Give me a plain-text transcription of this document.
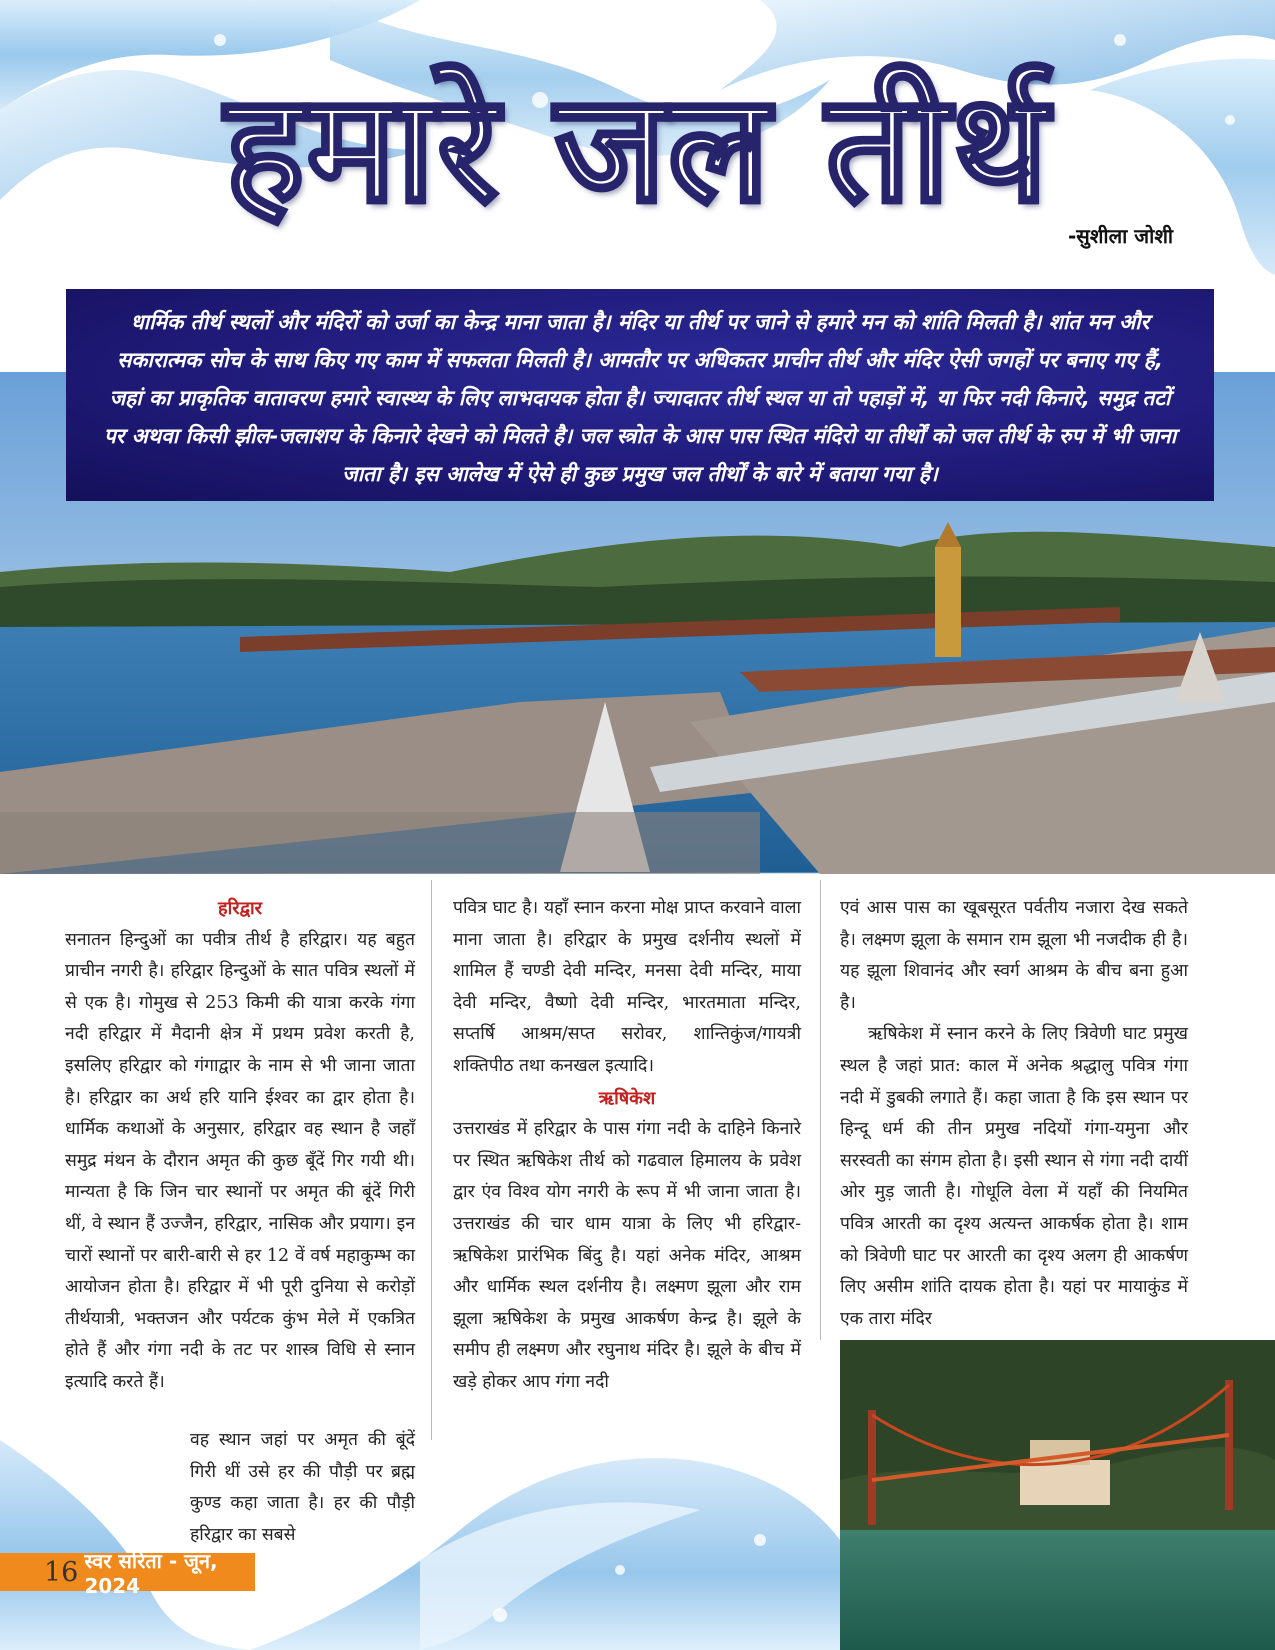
हमारे जल तीर्थ -सुशीला जोशी

धार्मिक तीर्थ स्थलों और मंदिरों को उर्जा का केन्द्र माना जाता है। मंदिर या तीर्थ पर जाने से हमारे मन को शांति मिलती है। शांत मन और सकारात्मक सोच के साथ किए गए काम में सफलता मिलती है। आमतौर पर अधिकतर प्राचीन तीर्थ और मंदिर ऐसी जगहों पर बनाए गए हैं, जहां का प्राकृतिक वातावरण हमारे स्वास्थ्य के लिए लाभदायक होता है। ज्यादातर तीर्थ स्थल या तो पहाड़ों में, या फिर नदी किनारे, समुद्र तटों पर अथवा किसी झील-जलाशय के किनारे देखने को मिलते है। जल स्त्रोत के आस पास स्थित मंदिरो या तीर्थों को जल तीर्थ के रुप में भी जाना जाता है। इस आलेख में ऐसे ही कुछ प्रमुख जल तीर्थों के बारे में बताया गया है।

हरिद्वार

सनातन हिन्दुओं का पवीत्र तीर्थ है हरिद्वार। यह बहुत प्राचीन नगरी है। हरिद्वार हिन्दुओं के सात पवित्र स्थलों में से एक है। गोमुख से 253 किमी की यात्रा करके गंगा नदी हरिद्वार में मैदानी क्षेत्र में प्रथम प्रवेश करती है, इसलिए हरिद्वार को गंगाद्वार के नाम से भी जाना जाता है। हरिद्वार का अर्थ हरि यानि ईश्वर का द्वार होता है। धार्मिक कथाओं के अनुसार, हरिद्वार वह स्थान है जहाँ समुद्र मंथन के दौरान अमृत की कुछ बूँदें गिर गयी थी। मान्यता है कि जिन चार स्थानों पर अमृत की बूंदें गिरी थीं, वे स्थान हैं उज्जैन, हरिद्वार, नासिक और प्रयाग। इन चारों स्थानों पर बारी-बारी से हर 12 वें वर्ष महाकुम्भ का आयोजन होता है। हरिद्वार में भी पूरी दुनिया से करोड़ों तीर्थयात्री, भक्तजन और पर्यटक कुंभ मेले में एकत्रित होते हैं और गंगा नदी के तट पर शास्त्र विधि से स्नान इत्यादि करते हैं।

वह स्थान जहां पर अमृत की बूंदें गिरी थीं उसे हर की पौड़ी पर ब्रह्म कुण्ड कहा जाता है। हर की पौड़ी हरिद्वार का सबसे

पवित्र घाट है। यहाँ स्नान करना मोक्ष प्राप्त करवाने वाला माना जाता है। हरिद्वार के प्रमुख दर्शनीय स्थलों में शामिल हैं चण्डी देवी मन्दिर, मनसा देवी मन्दिर, माया देवी मन्दिर, वैष्णो देवी मन्दिर, भारतमाता मन्दिर, सप्तर्षि आश्रम/सप्त सरोवर, शान्तिकुंज/गायत्री शक्तिपीठ तथा कनखल इत्यादि।

ऋषिकेश

उत्तराखंड में हरिद्वार के पास गंगा नदी के दाहिने किनारे पर स्थित ऋषिकेश तीर्थ को गढवाल हिमालय के प्रवेश द्वार एंव विश्व योग नगरी के रूप में भी जाना जाता है। उत्तराखंड की चार धाम यात्रा के लिए भी हरिद्वार-ऋषिकेश प्रारंभिक बिंदु है। यहां अनेक मंदिर, आश्रम और धार्मिक स्थल दर्शनीय है। लक्ष्मण झूला और राम झूला ऋषिकेश के प्रमुख आकर्षण केन्द्र है। झूले के समीप ही लक्ष्मण और रघुनाथ मंदिर है। झूले के बीच में खड़े होकर आप गंगा नदी

एवं आस पास का खूबसूरत पर्वतीय नजारा देख सकते है। लक्ष्मण झूला के समान राम झूला भी नजदीक ही है। यह झूला शिवानंद और स्वर्ग आश्रम के बीच बना हुआ है।

ऋषिकेश में स्नान करने के लिए त्रिवेणी घाट प्रमुख स्थल है जहां प्रात: काल में अनेक श्रद्धालु पवित्र गंगा नदी में डुबकी लगाते हैं। कहा जाता है कि इस स्थान पर हिन्दू धर्म की तीन प्रमुख नदियों गंगा-यमुना और सरस्वती का संगम होता है। इसी स्थान से गंगा नदी दायीं ओर मुड़ जाती है। गोधूलि वेला में यहाँ की नियमित पवित्र आरती का दृश्य अत्यन्त आकर्षक होता है। शाम को त्रिवेणी घाट पर आरती का दृश्य अलग ही आकर्षण लिए असीम शांति दायक होता है। यहां पर मायाकुंड में एक तारा मंदिर

16 स्वर सरिता - जून, 2024
